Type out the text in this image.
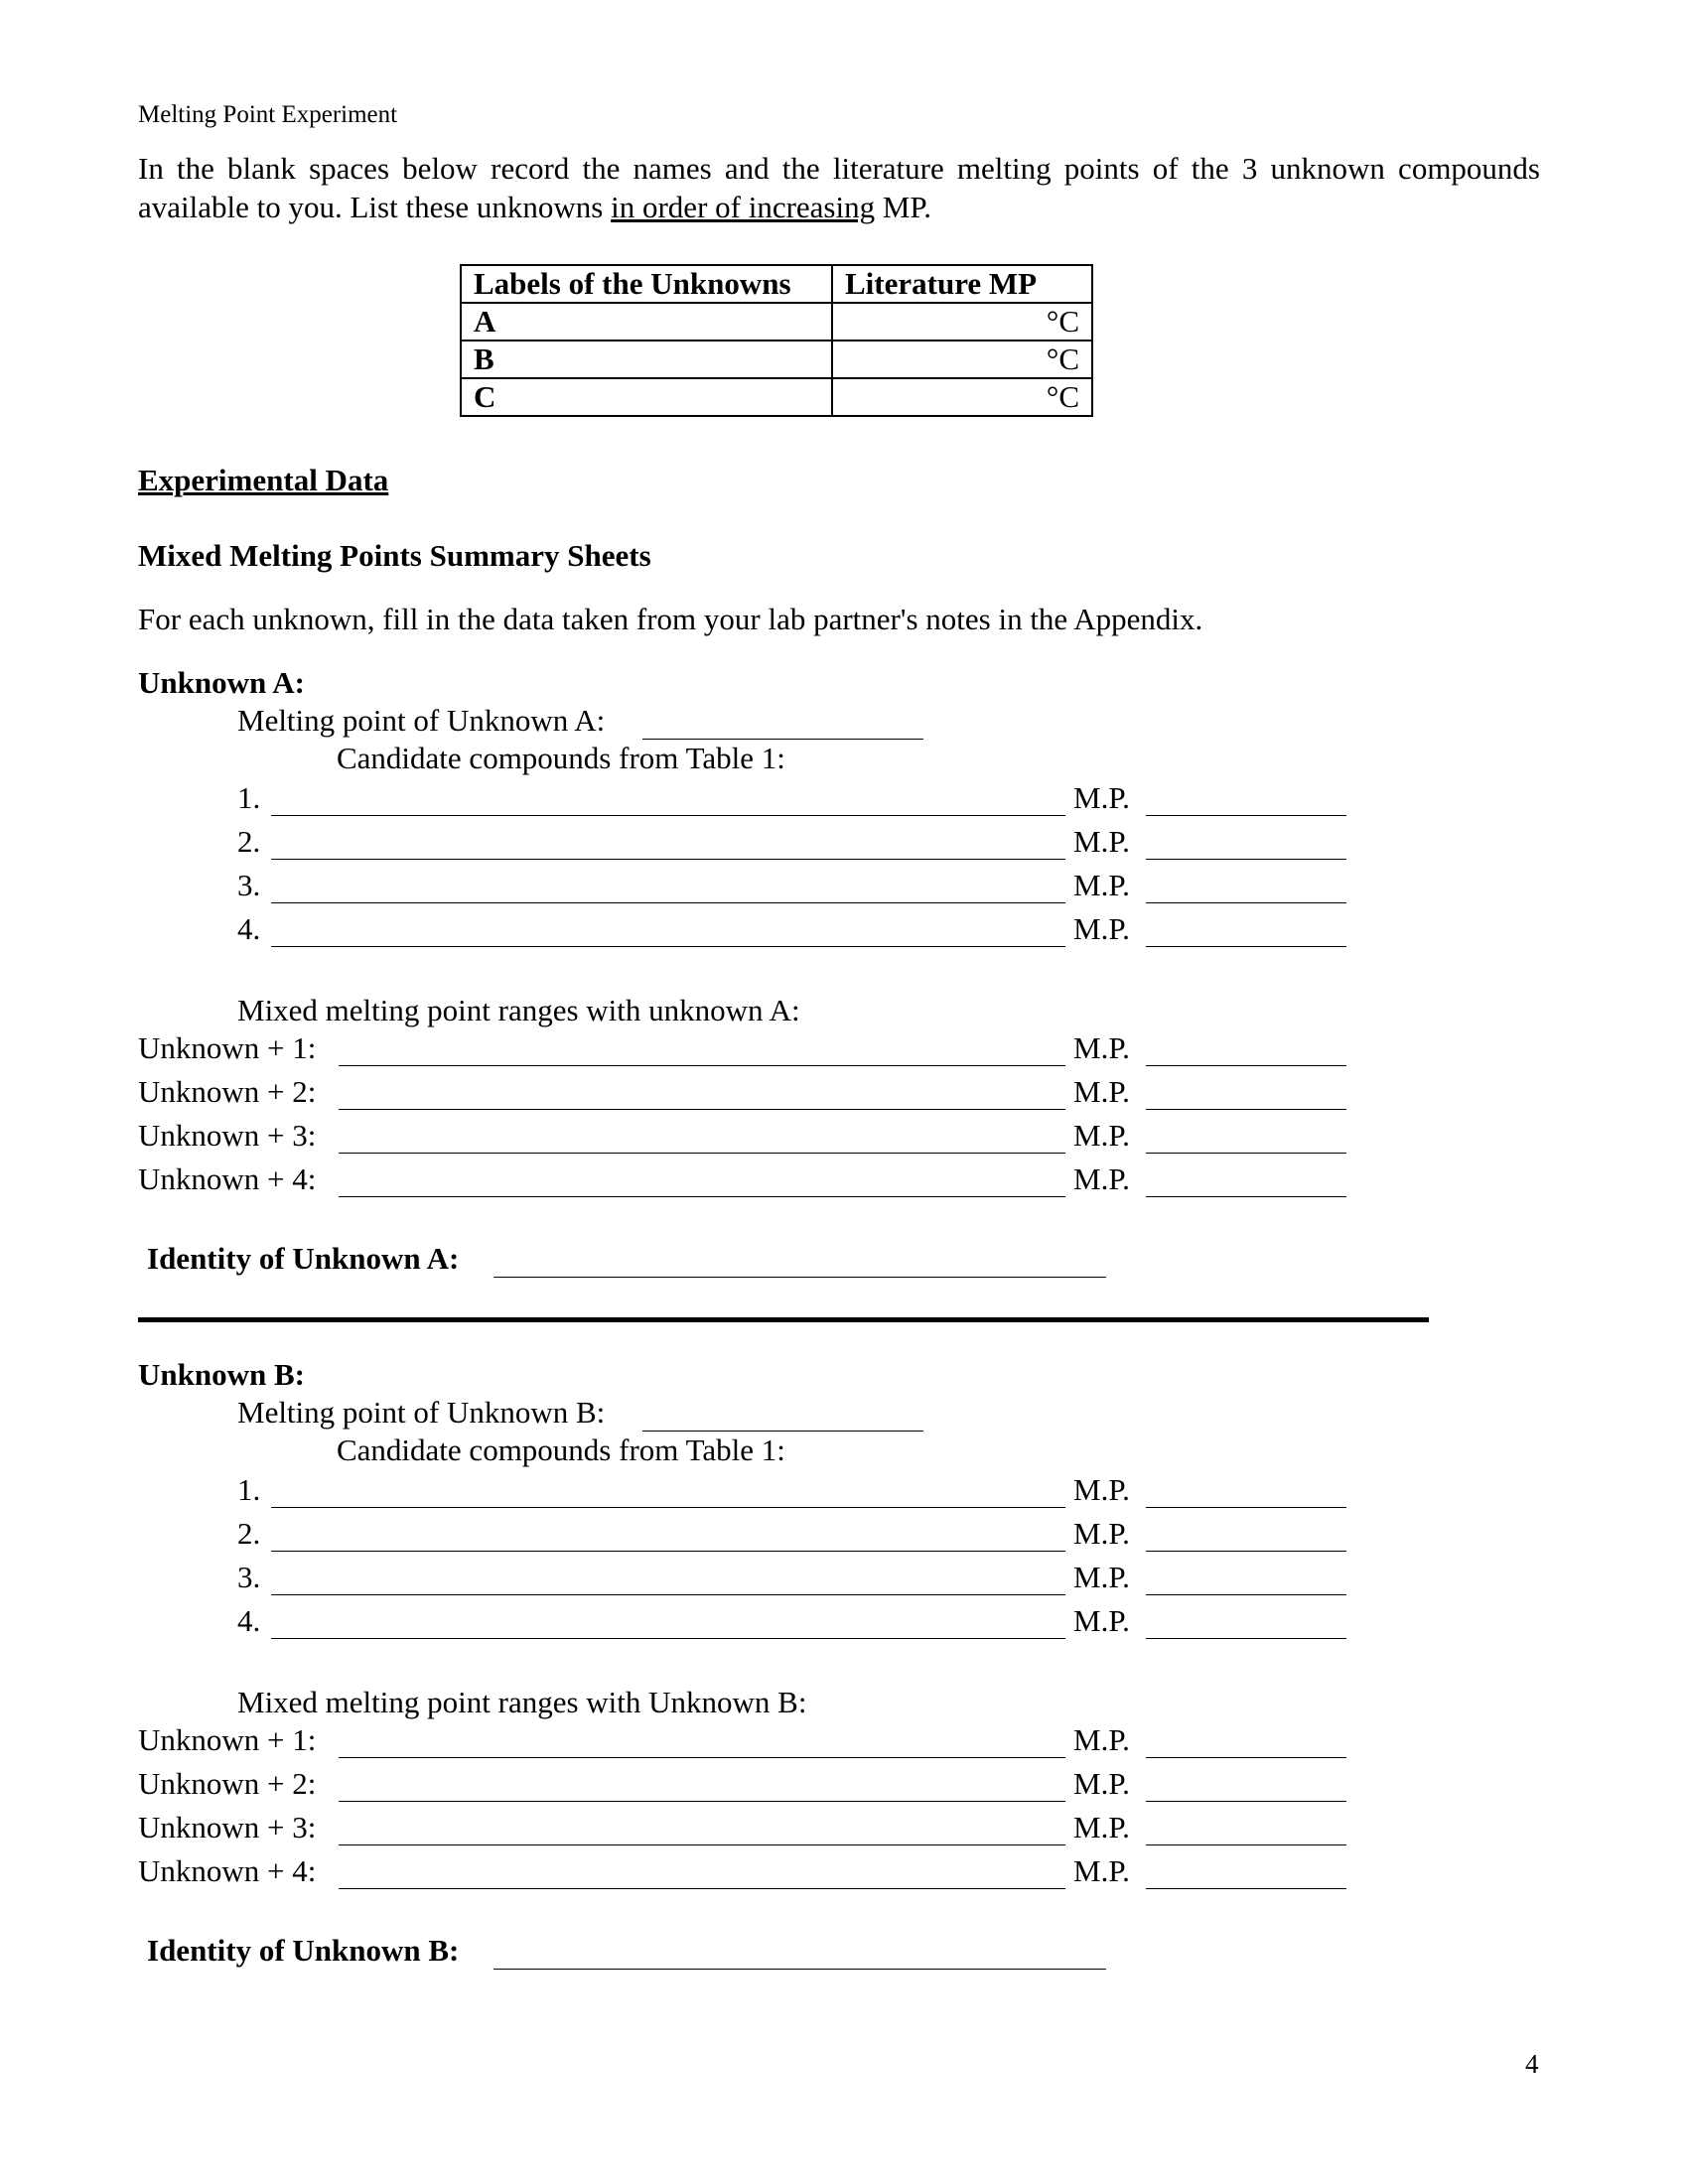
Melting Point Experiment
In the blank spaces below record the names and the literature melting points of the 3 unknown compounds available to you. List these unknowns in order of increasing MP.
Labels of the Unknowns	Literature MP
A	°C
B	°C
C	°C
Experimental Data
Mixed Melting Points Summary Sheets
For each unknown, fill in the data taken from your lab partner's notes in the Appendix.
Unknown A:
Melting point of Unknown A:
Candidate compounds from Table 1:
1.	M.P.
2.	M.P.
3.	M.P.
4.	M.P.
Mixed melting point ranges with unknown A:
Unknown + 1:	M.P.
Unknown + 2:	M.P.
Unknown + 3:	M.P.
Unknown + 4:	M.P.
Identity of Unknown A:
Unknown B:
Melting point of Unknown B:
Candidate compounds from Table 1:
1.	M.P.
2.	M.P.
3.	M.P.
4.	M.P.
Mixed melting point ranges with Unknown B:
Unknown + 1:	M.P.
Unknown + 2:	M.P.
Unknown + 3:	M.P.
Unknown + 4:	M.P.
Identity of Unknown B:
4
